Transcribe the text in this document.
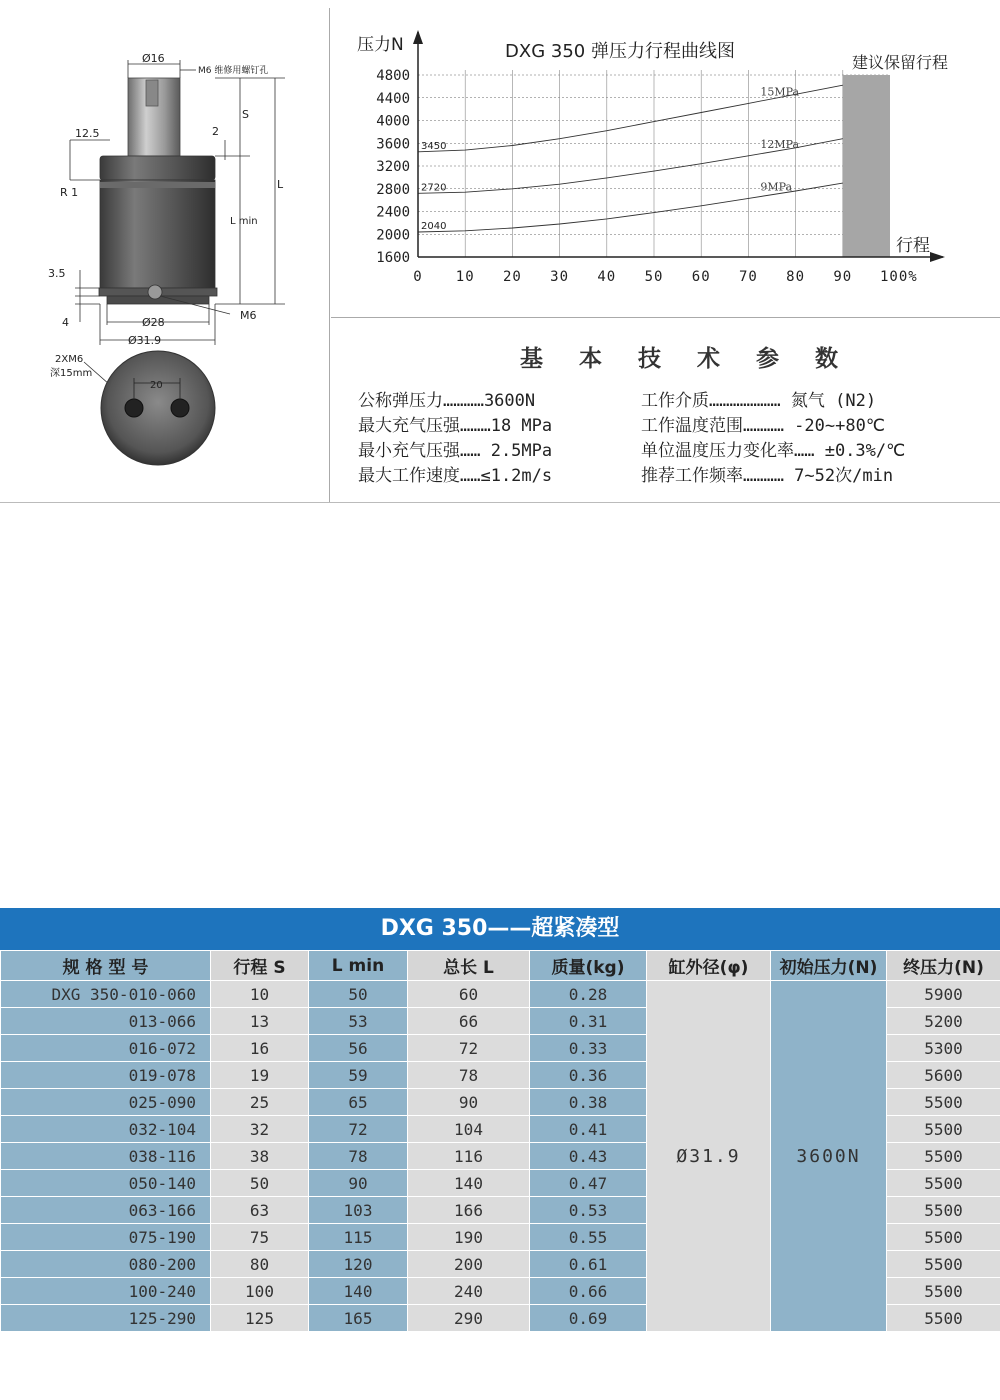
Ø16
M6 维修用螺钉孔
12.5	2
S
L
L min
R 1
3.5
4	Ø28
M6
Ø31.9
2XM6
深15mm
20
3450
15MPa
2720
12MPa
2040
9MPa
1600
2000
2400
2800
3200
3600
4000
4400
4800
0 10 20 30 40 50 60 70 80 90 100%
DXG 350 弹压力行程曲线图
压力N
行程
建议保留行程
基 本 技 术 参 数
公称弹压力…………3600N
最大充气压强………18 MPa
最小充气压强…… 2.5MPa
最大工作速度……≤1.2m/s
工作介质………………… 氮气 (N2)
工作温度范围………… -20~+80℃
单位温度压力变化率…… ±0.3%/℃
推荐工作频率………… 7~52次/min
DXG 350——超紧凑型
规 格 型 号	行程 S	L min	总长 L	质量(kg)	缸外径(φ)	初始压力(N)	终压力(N)
DXG 350-010-060	10	50	60	0.28	Ø31.9	3600N	5900
013-066	13	53	66	0.31			5200
016-072	16	56	72	0.33			5300
019-078	19	59	78	0.36			5600
025-090	25	65	90	0.38			5500
032-104	32	72	104	0.41			5500
038-116	38	78	116	0.43			5500
050-140	50	90	140	0.47			5500
063-166	63	103	166	0.53			5500
075-190	75	115	190	0.55			5500
080-200	80	120	200	0.61			5500
100-240	100	140	240	0.66			5500
125-290	125	165	290	0.69			5500
